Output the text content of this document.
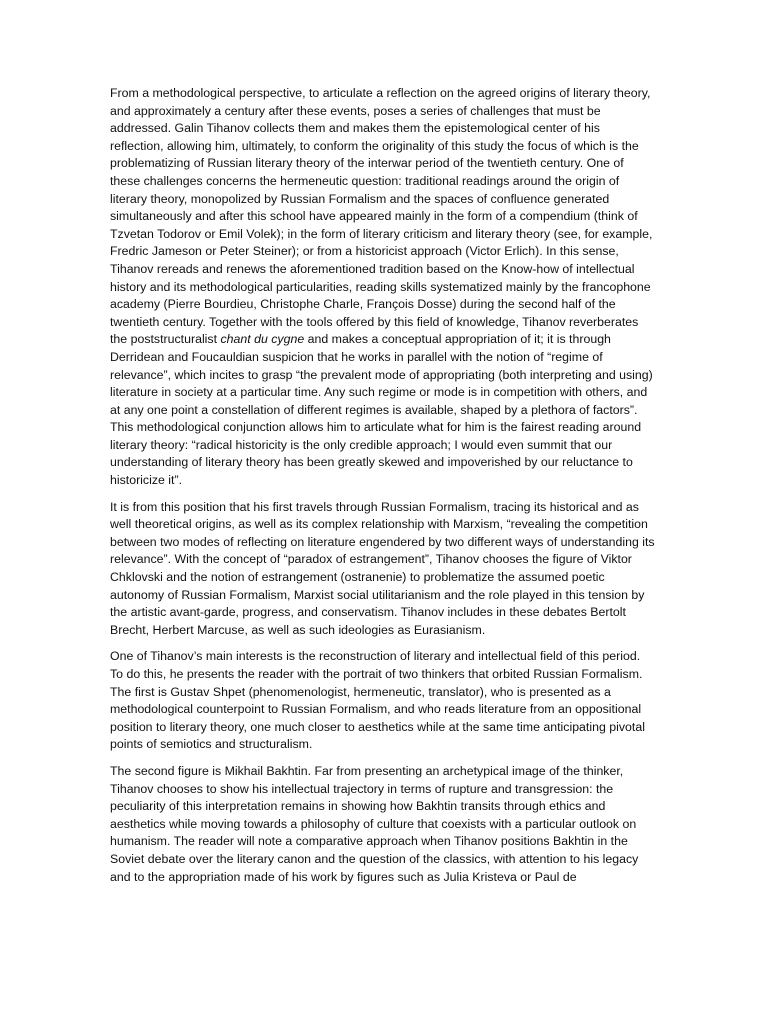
From a methodological perspective, to articulate a reflection on the agreed origins of literary theory, and approximately a century after these events, poses a series of challenges that must be addressed. Galin Tihanov collects them and makes them the epistemological center of his reflection, allowing him, ultimately, to conform the originality of this study the focus of which is the problematizing of Russian literary theory of the interwar period of the twentieth century. One of these challenges concerns the hermeneutic question: traditional readings around the origin of literary theory, monopolized by Russian Formalism and the spaces of confluence generated simultaneously and after this school have appeared mainly in the form of a compendium (think of Tzvetan Todorov or Emil Volek); in the form of literary criticism and literary theory (see, for example, Fredric Jameson or Peter Steiner); or from a historicist approach (Victor Erlich). In this sense, Tihanov rereads and renews the aforementioned tradition based on the Know-how of intellectual history and its methodological particularities, reading skills systematized mainly by the francophone academy (Pierre Bourdieu, Christophe Charle, François Dosse) during the second half of the twentieth century. Together with the tools offered by this field of knowledge, Tihanov reverberates the poststructuralist chant du cygne and makes a conceptual appropriation of it; it is through Derridean and Foucauldian suspicion that he works in parallel with the notion of “regime of relevance”, which incites to grasp “the prevalent mode of appropriating (both interpreting and using) literature in society at a particular time. Any such regime or mode is in competition with others, and at any one point a constellation of different regimes is available, shaped by a plethora of factors”. This methodological conjunction allows him to articulate what for him is the fairest reading around literary theory: “radical historicity is the only credible approach; I would even summit that our understanding of literary theory has been greatly skewed and impoverished by our reluctance to historicize it”.

It is from this position that his first travels through Russian Formalism, tracing its historical and as well theoretical origins, as well as its complex relationship with Marxism, “revealing the competition between two modes of reflecting on literature engendered by two different ways of understanding its relevance”. With the concept of “paradox of estrangement”, Tihanov chooses the figure of Viktor Chklovski and the notion of estrangement (ostranenie) to problematize the assumed poetic autonomy of Russian Formalism, Marxist social utilitarianism and the role played in this tension by the artistic avant-garde, progress, and conservatism. Tihanov includes in these debates Bertolt Brecht, Herbert Marcuse, as well as such ideologies as Eurasianism.

One of Tihanov’s main interests is the reconstruction of literary and intellectual field of this period. To do this, he presents the reader with the portrait of two thinkers that orbited Russian Formalism. The first is Gustav Shpet (phenomenologist, hermeneutic, translator), who is presented as a methodological counterpoint to Russian Formalism, and who reads literature from an oppositional position to literary theory, one much closer to aesthetics while at the same time anticipating pivotal points of semiotics and structuralism.

The second figure is Mikhail Bakhtin. Far from presenting an archetypical image of the thinker, Tihanov chooses to show his intellectual trajectory in terms of rupture and transgression: the peculiarity of this interpretation remains in showing how Bakhtin transits through ethics and aesthetics while moving towards a philosophy of culture that coexists with a particular outlook on humanism. The reader will note a comparative approach when Tihanov positions Bakhtin in the Soviet debate over the literary canon and the question of the classics, with attention to his legacy and to the appropriation made of his work by figures such as Julia Kristeva or Paul de
